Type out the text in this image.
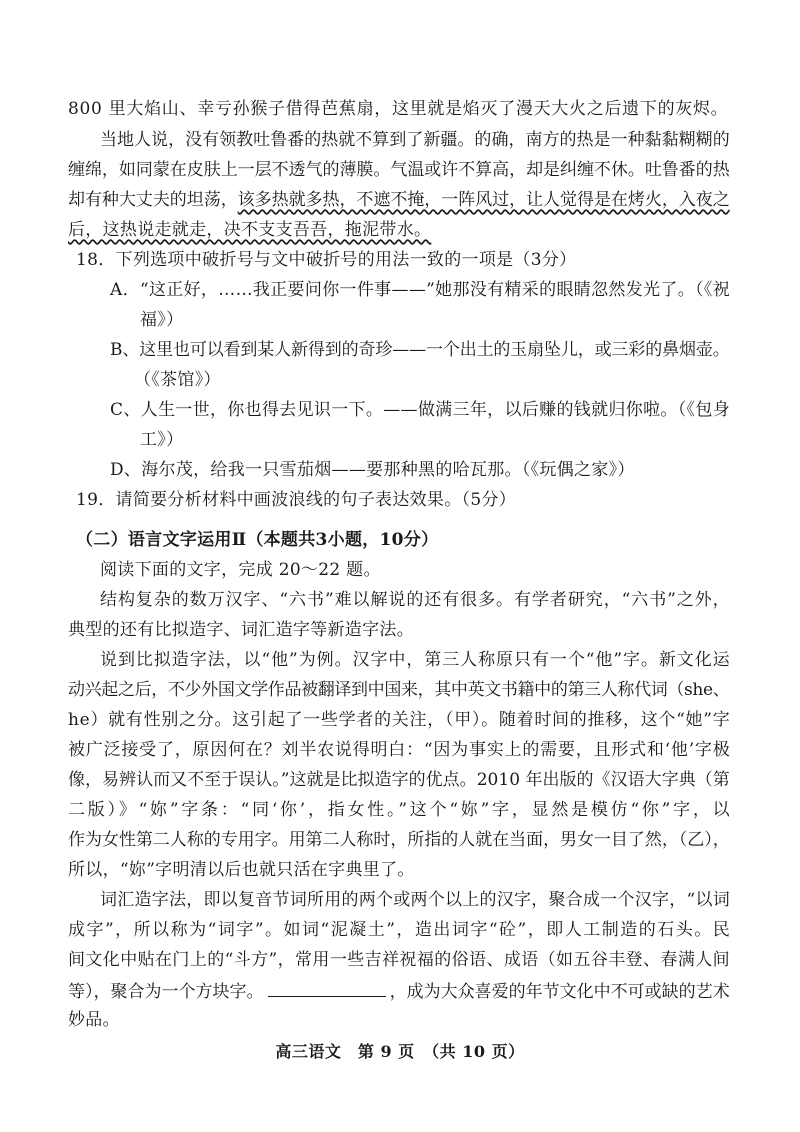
800 里大焰山、幸亏孙猴子借得芭蕉扇，这里就是焰灭了漫天大火之后遗下的灰烬。
当地人说，没有领教吐鲁番的热就不算到了新疆。的确，南方的热是一种黏黏糊糊的
缠绵，如同蒙在皮肤上一层不透气的薄膜。气温或许不算高，却是纠缠不休。吐鲁番的热
却有种大丈夫的坦荡，该多热就多热，不遮不掩，一阵风过，让人觉得是在烤火，入夜之
后，这热说走就走，决不支支吾吾，拖泥带水。
18．下列选项中破折号与文中破折号的用法一致的一项是（3分）
A．“这正好，……我正要问你一件事——”她那没有精采的眼睛忽然发光了。（《祝
福》）
B、这里也可以看到某人新得到的奇珍——一个出土的玉扇坠儿，或三彩的鼻烟壶。
（《茶馆》）
C、人生一世，你也得去见识一下。——做满三年，以后赚的钱就归你啦。（《包身
工》）
D、海尔茂，给我一只雪茄烟——要那种黑的哈瓦那。（《玩偶之家》）
19．请简要分析材料中画波浪线的句子表达效果。（5分）
（二）语言文字运用Ⅱ（本题共3小题，10分）
阅读下面的文字，完成 20～22 题。
结构复杂的数万汉字、“六书”难以解说的还有很多。有学者研究，“六书”之外，
典型的还有比拟造字、词汇造字等新造字法。
说到比拟造字法，以“他”为例。汉字中，第三人称原只有一个“他”字。新文化运
动兴起之后，不少外国文学作品被翻译到中国来，其中英文书籍中的第三人称代词（she、
he）就有性别之分。这引起了一些学者的关注，（甲）。随着时间的推移，这个“她”字
被广泛接受了，原因何在？刘半农说得明白：“因为事实上的需要，且形式和‘他’字极
像，易辨认而又不至于误认。”这就是比拟造字的优点。2010 年出版的《汉语大字典（第
二版）》“妳”字条：“同‘你’，指女性。”这个“妳”字，显然是模仿“你”字，以
作为女性第二人称的专用字。用第二人称时，所指的人就在当面，男女一目了然，（乙），
所以，“妳”字明清以后也就只活在字典里了。
词汇造字法，即以复音节词所用的两个或两个以上的汉字，聚合成一个汉字，“以词
成字”，所以称为“词字”。如词“泥凝土”，造出词字“砼”，即人工制造的石头。民
间文化中贴在门上的“斗方”，常用一些吉祥祝福的俗语、成语（如五谷丰登、春满人间
等），聚合为一个方块字。	，成为大众喜爱的年节文化中不可或缺的艺术
妙品。
高三语文　第 9 页　（共 10 页）
